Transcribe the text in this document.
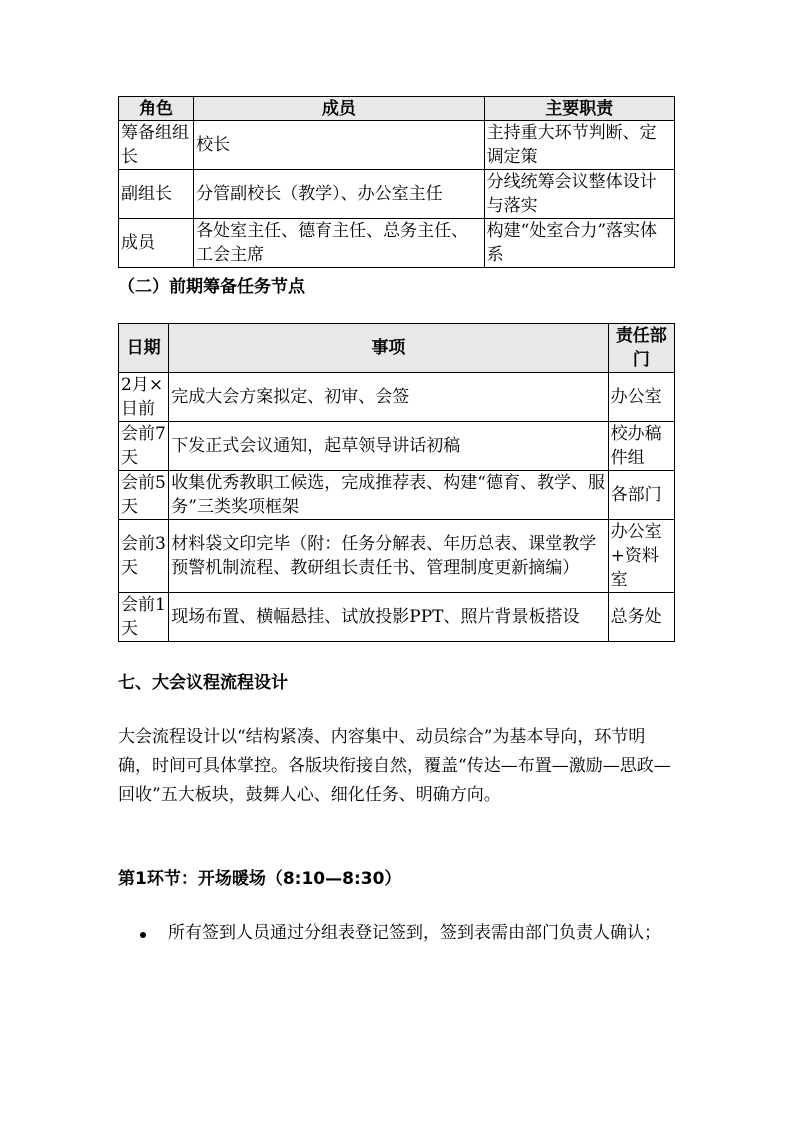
角色	成员	主要职责
筹备组组长	校长	主持重大环节判断、定调定策
副组长	分管副校长（教学）、办公室主任	分线统筹会议整体设计与落实
成员	各处室主任、德育主任、总务主任、工会主席	构建“处室合力”落实体系
（二）前期筹备任务节点
日期	事项	责任部门
2月×日前	完成大会方案拟定、初审、会签	办公室
会前7天	下发正式会议通知，起草领导讲话初稿	校办稿件组
会前5天	收集优秀教职工候选，完成推荐表、构建“德育、教学、服务”三类奖项框架	各部门
会前3天	材料袋文印完毕（附：任务分解表、年历总表、课堂教学预警机制流程、教研组长责任书、管理制度更新摘编）	办公室+资料室
会前1天	现场布置、横幅悬挂、试放投影PPT、照片背景板搭设	总务处
七、大会议程流程设计

大会流程设计以“结构紧凑、内容集中、动员综合”为基本导向，环节明确，时间可具体掌控。各版块衔接自然，覆盖“传达—布置—激励—思政—回收”五大板块，鼓舞人心、细化任务、明确方向。

第1环节：开场暖场（8:10—8:30）

所有签到人员通过分组表登记签到，签到表需由部门负责人确认；
